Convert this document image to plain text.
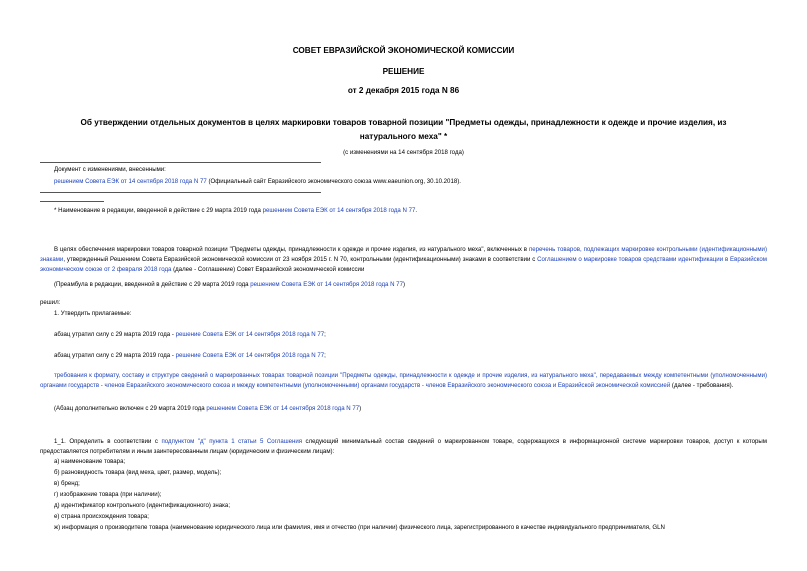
СОВЕТ ЕВРАЗИЙСКОЙ ЭКОНОМИЧЕСКОЙ КОМИССИИ
РЕШЕНИЕ
от 2 декабря 2015 года N 86
Об утверждении отдельных документов в целях маркировки товаров товарной позиции "Предметы одежды, принадлежности к одежде и прочие изделия, из
натурального меха" *
(с изменениями на 14 сентября 2018 года)
Документ с изменениями, внесенными:
решением Совета ЕЭК от 14 сентября 2018 года N 77 (Официальный сайт Евразийского экономического союза www.eaeunion.org, 30.10.2018).
* Наименование в редакции, введенной в действие с 29 марта 2019 года решением Совета ЕЭК от 14 сентября 2018 года N 77.
В целях обеспечения маркировки товаров товарной позиции "Предметы одежды, принадлежности к одежде и прочие изделия, из натурального меха", включенных в перечень товаров, подлежащих маркировке контрольными (идентификационными) знаками, утвержденный Решением Совета Евразийской экономической комиссии от 23 ноября 2015 г. N 70, контрольными (идентификационными) знаками в соответствии с Соглашением о маркировке товаров средствами идентификации в Евразийском экономическом союзе от 2 февраля 2018 года (далее - Соглашение) Совет Евразийской экономической комиссии
(Преамбула в редакции, введенной в действие с 29 марта 2019 года решением Совета ЕЭК от 14 сентября 2018 года N 77)
решил:
1. Утвердить прилагаемые:
абзац утратил силу с 29 марта 2019 года - решение Совета ЕЭК от 14 сентября 2018 года N 77;
абзац утратил силу с 29 марта 2019 года - решение Совета ЕЭК от 14 сентября 2018 года N 77;
требования к формату, составу и структуре сведений о маркированных товарах товарной позиции "Предметы одежды, принадлежности к одежде и прочие изделия, из натурального меха", передаваемых между компетентными (уполномоченными) органами государств - членов Евразийского экономического союза и между компетентными (уполномоченными) органами государств - членов Евразийского экономического союза и Евразийской экономической комиссией (далее - требования).
(Абзац дополнительно включен с 29 марта 2019 года решением Совета ЕЭК от 14 сентября 2018 года N 77)
1_1. Определить в соответствии с подпунктом "д" пункта 1 статьи 5 Соглашения следующий минимальный состав сведений о маркированном товаре, содержащихся в информационной системе маркировки товаров, доступ к которым предоставляется потребителям и иным заинтересованным лицам (юридическим и физическим лицам):
а) наименование товара;
б) разновидность товара (вид меха, цвет, размер, модель);
в) бренд;
г) изображение товара (при наличии);
д) идентификатор контрольного (идентификационного) знака;
е) страна происхождения товара;
ж) информация о производителе товара (наименование юридического лица или фамилия, имя и отчество (при наличии) физического лица, зарегистрированного в качестве индивидуального предпринимателя, GLN
